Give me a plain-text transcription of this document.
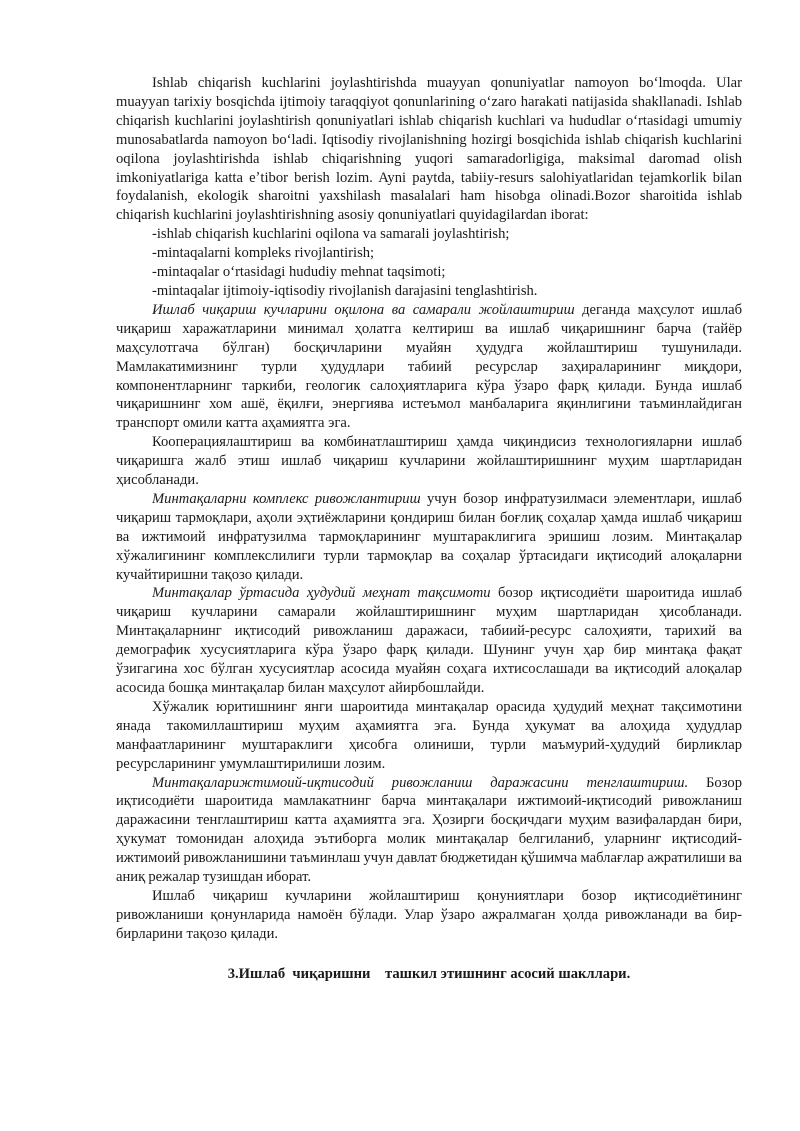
Ishlab chiqarish kuchlarini joylashtirishda muayyan qonuniyatlar namoyon boʻlmoqda. Ular muayyan tarixiy bosqichda ijtimoiy taraqqiyot qonunlarining oʻzaro harakati natijasida shakllanadi. Ishlab chiqarish kuchlarini joylashtirish qonuniyatlari ishlab chiqarish kuchlari va hududlar oʻrtasidagi umumiy munosabatlarda namoyon boʻladi. Iqtisodiy rivojlanishning hozirgi bosqichida ishlab chiqarish kuchlarini oqilona joylashtirishda ishlab chiqarishning yuqori samaradorligiga, maksimal daromad olish imkoniyatlariga katta eʼtibor berish lozim. Ayni paytda, tabiiy-resurs salohiyatlaridan tejamkorlik bilan foydalanish, ekologik sharoitni yaxshilash masalalari ham hisobga olinadi.Bozor sharoitida ishlab chiqarish kuchlarini joylashtirishning asosiy qonuniyatlari quyidagilardan iborat:

-ishlab chiqarish kuchlarini oqilona va samarali joylashtirish;

-mintaqalarni kompleks rivojlantirish;

-mintaqalar oʻrtasidagi hududiy mehnat taqsimoti;

-mintaqalar ijtimoiy-iqtisodiy rivojlanish darajasini tenglashtirish.

Ишлаб чиқариш кучларини оқилона ва самарали жойлаштириш деганда маҳсулот ишлаб чиқариш харажатларини минимал ҳолатга келтириш ва ишлаб чиқаришнинг барча (тайёр маҳсулотгача бўлган) босқичларини муайян ҳудудга жойлаштириш тушунилади. Мамлакатимизнинг турли ҳудудлари табиий ресурслар заҳираларининг миқдори, компонентларнинг таркиби, геологик салоҳиятларига кўра ўзаро фарқ қилади. Бунда ишлаб чиқаришнинг хом ашё, ёқилғи, энергиява истеъмол манбаларига яқинлигини таъминлайдиган транспорт омили катта аҳамиятга эга.

Кооперациялаштириш ва комбинатлаштириш ҳамда чиқиндисиз технологияларни ишлаб чиқаришга жалб этиш ишлаб чиқариш кучларини жойлаштиришнинг муҳим шартларидан ҳисобланади.

Минтақаларни комплекс ривожлантириш учун бозор инфратузилмаси элементлари, ишлаб чиқариш тармоқлари, аҳоли эҳтиёжларини қондириш билан боғлиқ соҳалар ҳамда ишлаб чиқариш ва ижтимоий инфратузилма тармоқларининг муштараклигига эришиш лозим. Минтақалар хўжалигининг комплекслилиги турли тармоқлар ва соҳалар ўртасидаги иқтисодий алоқаларни кучайтиришни тақозо қилади.

Минтақалар ўртасида ҳудудий меҳнат тақсимоти бозор иқтисодиёти шароитида ишлаб чиқариш кучларини самарали жойлаштиришнинг муҳим шартларидан ҳисобланади. Минтақаларнинг иқтисодий ривожланиш даражаси, табиий-ресурс салоҳияти, тарихий ва демографик хусусиятларига кўра ўзаро фарқ қилади. Шунинг учун ҳар бир минтақа фақат ўзигагина хос бўлган хусусиятлар асосида муайян соҳага ихтисослашади ва иқтисодий алоқалар асосида бошқа минтақалар билан маҳсулот айирбошлайди.

Хўжалик юритишнинг янги шароитида минтақалар орасида ҳудудий меҳнат тақсимотини янада такомиллаштириш муҳим аҳамиятга эга. Бунда ҳукумат ва алоҳида ҳудудлар манфаатларининг муштараклиги ҳисобга олиниши, турли маъмурий-ҳудудий бирликлар ресурсларининг умумлаштирилиши лозим.

Минтақаларижтимоий-иқтисодий ривожланиш даражасини тенглаштириш. Бозор иқтисодиёти шароитида мамлакатнинг барча минтақалари ижтимоий-иқтисодий ривожланиш даражасини тенглаштириш катта аҳамиятга эга. Ҳозирги босқичдаги муҳим вазифалардан бири, ҳукумат томонидан алоҳида эътиборга молик минтақалар белгиланиб, уларнинг иқтисодий-ижтимоий ривожланишини таъминлаш учун давлат бюджетидан қўшимча маблағлар ажратилиши ва аниқ режалар тузишдан иборат.

Ишлаб чиқариш кучларини жойлаштириш қонуниятлари бозор иқтисодиётининг ривожланиши қонунларида намоён бўлади. Улар ўзаро ажралмаган ҳолда ривожланади ва бир-бирларини тақозо қилади.

3.Ишлаб  чиқаришни    ташкил этишнинг асосий шакллари.
